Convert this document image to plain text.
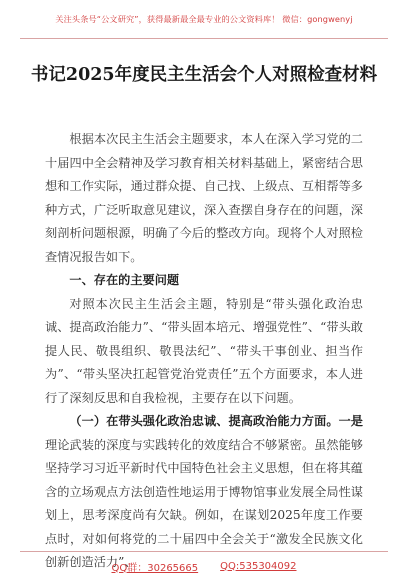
关注头条号“公文研究”，获得最新最全最专业的公文资料库！ 微信：gongwenyj
书记2025年度民主生活会个人对照检查材料

根据本次民主生活会主题要求，本人在深入学习党的二十届四中全会精神及学习教育相关材料基础上，紧密结合思想和工作实际，通过群众提、自己找、上级点、互相帮等多种方式，广泛听取意见建议，深入查摆自身存在的问题，深刻剖析问题根源，明确了今后的整改方向。现将个人对照检查情况报告如下。

一、存在的主要问题

对照本次民主生活会主题，特别是“带头强化政治忠诚、提高政治能力”、“带头固本培元、增强党性”、“带头敢提人民、敬畏组织、敬畏法纪”、“带头干事创业、担当作为”、“带头坚决扛起管党治党责任”五个方面要求，本人进行了深刻反思和自我检视，主要存在以下问题。

（一）在带头强化政治忠诚、提高政治能力方面。一是理论武装的深度与实践转化的效度结合不够紧密。虽然能够坚持学习习近平新时代中国特色社会主义思想，但在将其蕴含的立场观点方法创造性地运用于博物馆事业发展全局性谋划上，思考深度尚有欠缺。例如，在谋划2025年度工作要点时，对如何将党的二十届四中全会关于“激发全民族文化创新创造活力”、

QQ群：30265665 QQ:535304092
